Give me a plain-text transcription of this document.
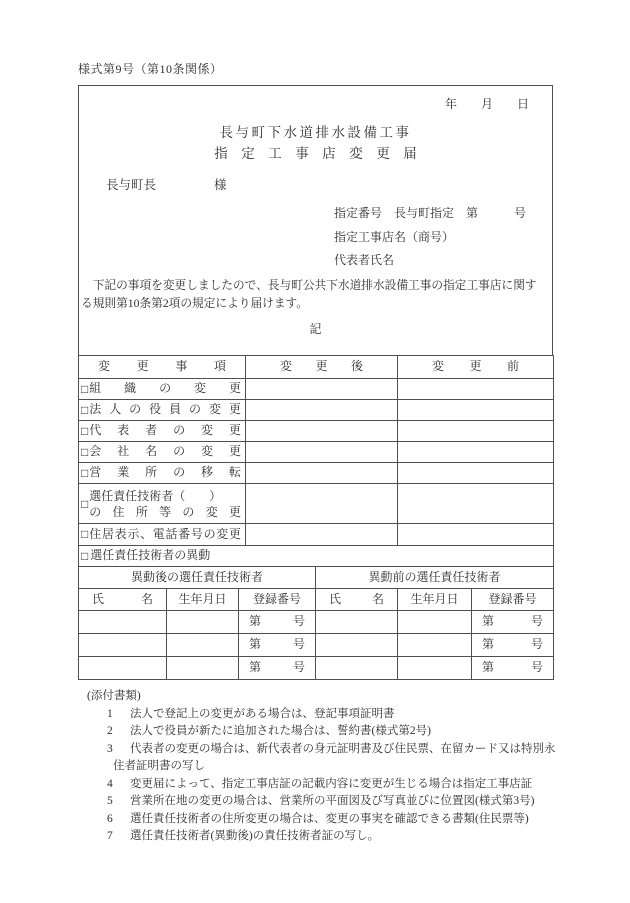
様式第9号（第10条関係）
年　　月　　日
長与町下水道排水設備工事
指　定　工　事　店　変　更　届
長与町長	様
指定番号　長与町指定　第　　　号
指定工事店名（商号）
代表者氏名
　下記の事項を変更しましたので、長与町公共下水道排水設備工事の指定工事店に関す
る規則第10条第2項の規定により届けます。
記
変更事項	変更後	変更前

□ 組織の変更		

□ 法人の役員の変更		

□ 代表者の変更		

□ 会社名の変更		

□ 営業所の移転		

□
選任責任技術者（　　）
の住所等の変更		

□ 住居表示、電話番号の変更		

□ 選任責任技術者の異動		
異動後の選任責任技術者			異動前の選任責任技術者		

氏名	生年月日	登録番号	氏名	生年月日	登録番号

		第 号			第 号

		第 号			第 号

		第 号			第 号
(添付書類)
1 法人で登記上の変更がある場合は、登記事項証明書
2 法人で役員が新たに追加された場合は、誓約書(様式第2号)
3 代表者の変更の場合は、新代表者の身元証明書及び住民票、在留カード又は特別永
住者証明書の写し
4 変更届によって、指定工事店証の記載内容に変更が生じる場合は指定工事店証
5 営業所在地の変更の場合は、営業所の平面図及び写真並びに位置図(様式第3号)
6 選任責任技術者の住所変更の場合は、変更の事実を確認できる書類(住民票等)
7 選任責任技術者(異動後)の責任技術者証の写し。
